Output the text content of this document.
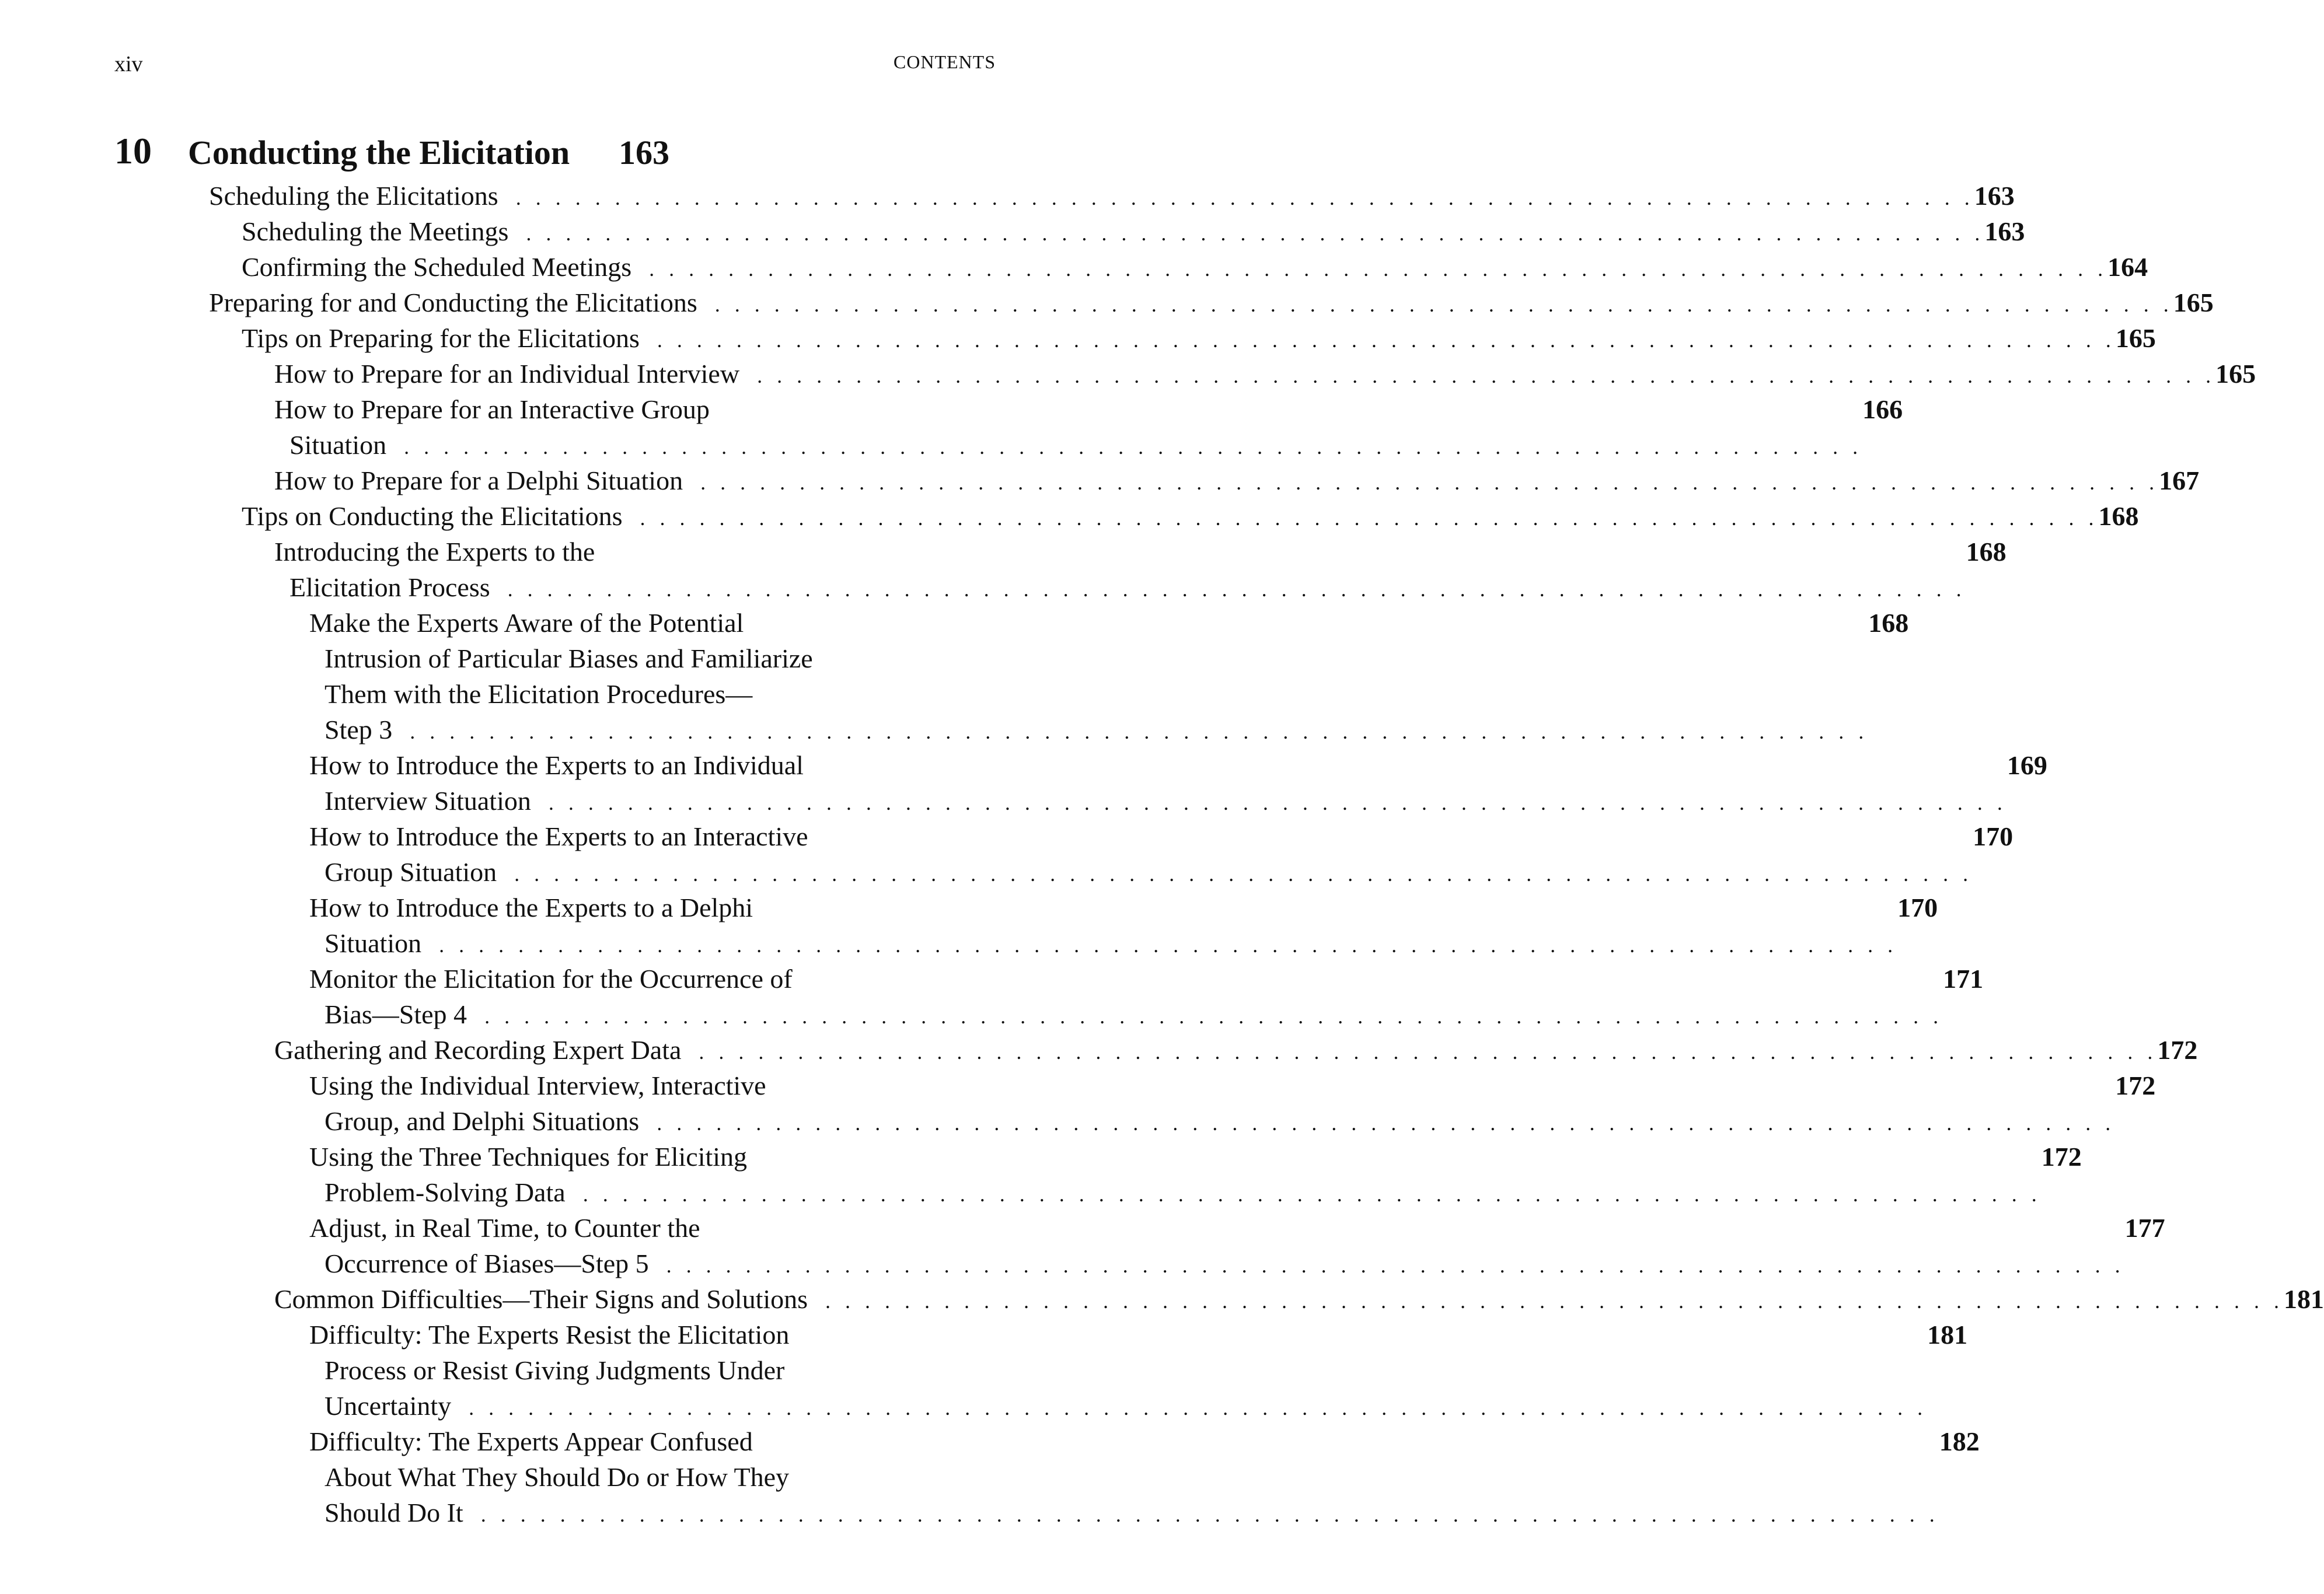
xiv	CONTENTS
10 Conducting the Elicitation 163
Scheduling the Elicitations . . . . . . . . . . . . . . . . . . . . . . . . . . . . . . . . . . . . . . . . . . . . . . . . . . . . . . . . . . . . . . . . . . . . . . . . . . 163
Scheduling the Meetings . . . . . . . . . . . . . . . . . . . . . . . . . . . . . . . . . . . . . . . . . . . . . . . . . . . . . . . . . . . . . . . . . . . . . . . . . . 163
Confirming the Scheduled Meetings . . . . . . . . . . . . . . . . . . . . . . . . . . . . . . . . . . . . . . . . . . . . . . . . . . . . . . . . . . . . . . . . . . . . . . . . . . 164
Preparing for and Conducting the Elicitations . . . . . . . . . . . . . . . . . . . . . . . . . . . . . . . . . . . . . . . . . . . . . . . . . . . . . . . . . . . . . . . . . . . . . . . . . . 165
Tips on Preparing for the Elicitations . . . . . . . . . . . . . . . . . . . . . . . . . . . . . . . . . . . . . . . . . . . . . . . . . . . . . . . . . . . . . . . . . . . . . . . . . . 165
How to Prepare for an Individual Interview . . . . . . . . . . . . . . . . . . . . . . . . . . . . . . . . . . . . . . . . . . . . . . . . . . . . . . . . . . . . . . . . . . . . . . . . . . 165
How to Prepare for an Interactive Group
Situation . . . . . . . . . . . . . . . . . . . . . . . . . . . . . . . . . . . . . . . . . . . . . . . . . . . . . . . . . . . . . . . . . . . . . . . . . .
166
How to Prepare for a Delphi Situation . . . . . . . . . . . . . . . . . . . . . . . . . . . . . . . . . . . . . . . . . . . . . . . . . . . . . . . . . . . . . . . . . . . . . . . . . . 167
Tips on Conducting the Elicitations . . . . . . . . . . . . . . . . . . . . . . . . . . . . . . . . . . . . . . . . . . . . . . . . . . . . . . . . . . . . . . . . . . . . . . . . . . 168
Introducing the Experts to the
Elicitation Process . . . . . . . . . . . . . . . . . . . . . . . . . . . . . . . . . . . . . . . . . . . . . . . . . . . . . . . . . . . . . . . . . . . . . . . . . .
168
Make the Experts Aware of the Potential
Intrusion of Particular Biases and Familiarize
Them with the Elicitation Procedures—
Step 3 . . . . . . . . . . . . . . . . . . . . . . . . . . . . . . . . . . . . . . . . . . . . . . . . . . . . . . . . . . . . . . . . . . . . . . . . . .
168
How to Introduce the Experts to an Individual
Interview Situation . . . . . . . . . . . . . . . . . . . . . . . . . . . . . . . . . . . . . . . . . . . . . . . . . . . . . . . . . . . . . . . . . . . . . . . . . .
169
How to Introduce the Experts to an Interactive
Group Situation . . . . . . . . . . . . . . . . . . . . . . . . . . . . . . . . . . . . . . . . . . . . . . . . . . . . . . . . . . . . . . . . . . . . . . . . . .
170
How to Introduce the Experts to a Delphi
Situation . . . . . . . . . . . . . . . . . . . . . . . . . . . . . . . . . . . . . . . . . . . . . . . . . . . . . . . . . . . . . . . . . . . . . . . . . .
170
Monitor the Elicitation for the Occurrence of
Bias—Step 4 . . . . . . . . . . . . . . . . . . . . . . . . . . . . . . . . . . . . . . . . . . . . . . . . . . . . . . . . . . . . . . . . . . . . . . . . . .
171
Gathering and Recording Expert Data . . . . . . . . . . . . . . . . . . . . . . . . . . . . . . . . . . . . . . . . . . . . . . . . . . . . . . . . . . . . . . . . . . . . . . . . . . 172
Using the Individual Interview, Interactive
Group, and Delphi Situations . . . . . . . . . . . . . . . . . . . . . . . . . . . . . . . . . . . . . . . . . . . . . . . . . . . . . . . . . . . . . . . . . . . . . . . . . .
172
Using the Three Techniques for Eliciting
Problem-Solving Data . . . . . . . . . . . . . . . . . . . . . . . . . . . . . . . . . . . . . . . . . . . . . . . . . . . . . . . . . . . . . . . . . . . . . . . . . .
172
Adjust, in Real Time, to Counter the
Occurrence of Biases—Step 5 . . . . . . . . . . . . . . . . . . . . . . . . . . . . . . . . . . . . . . . . . . . . . . . . . . . . . . . . . . . . . . . . . . . . . . . . . .
177
Common Difficulties—Their Signs and Solutions . . . . . . . . . . . . . . . . . . . . . . . . . . . . . . . . . . . . . . . . . . . . . . . . . . . . . . . . . . . . . . . . . . . . . . . . . . 181
Difficulty: The Experts Resist the Elicitation
Process or Resist Giving Judgments Under
Uncertainty . . . . . . . . . . . . . . . . . . . . . . . . . . . . . . . . . . . . . . . . . . . . . . . . . . . . . . . . . . . . . . . . . . . . . . . . . .
181
Difficulty: The Experts Appear Confused
About What They Should Do or How They
Should Do It . . . . . . . . . . . . . . . . . . . . . . . . . . . . . . . . . . . . . . . . . . . . . . . . . . . . . . . . . . . . . . . . . . . . . . . . . .
182
